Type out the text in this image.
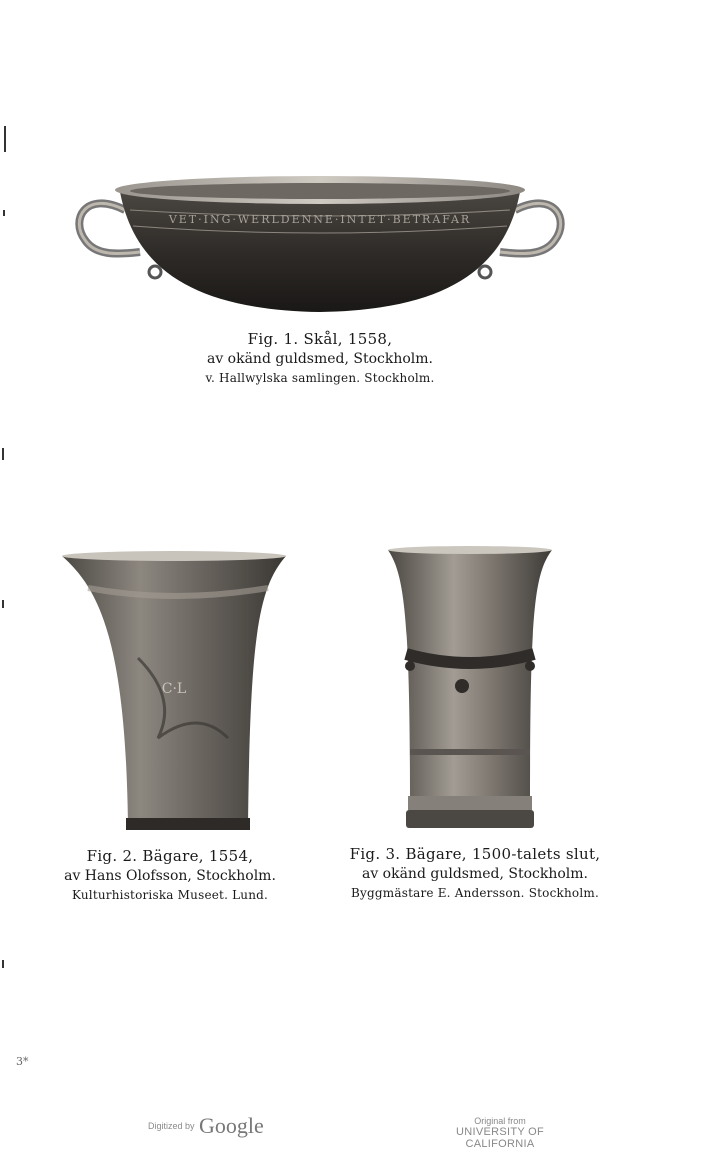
VET·ING·WERLDENNE·INTET·BETRAFAR
Fig. 1. Skål, 1558,
av okänd guldsmed, Stockholm.
v. Hallwylska samlingen. Stockholm.
C·L
Fig. 2. Bägare, 1554,
av Hans Olofsson, Stockholm.
Kulturhistoriska Museet. Lund.
Fig. 3. Bägare, 1500-talets slut,
av okänd guldsmed, Stockholm.
Byggmästare E. Andersson. Stockholm.
3*
Digitized by Google	Original from
UNIVERSITY OF CALIFORNIA
